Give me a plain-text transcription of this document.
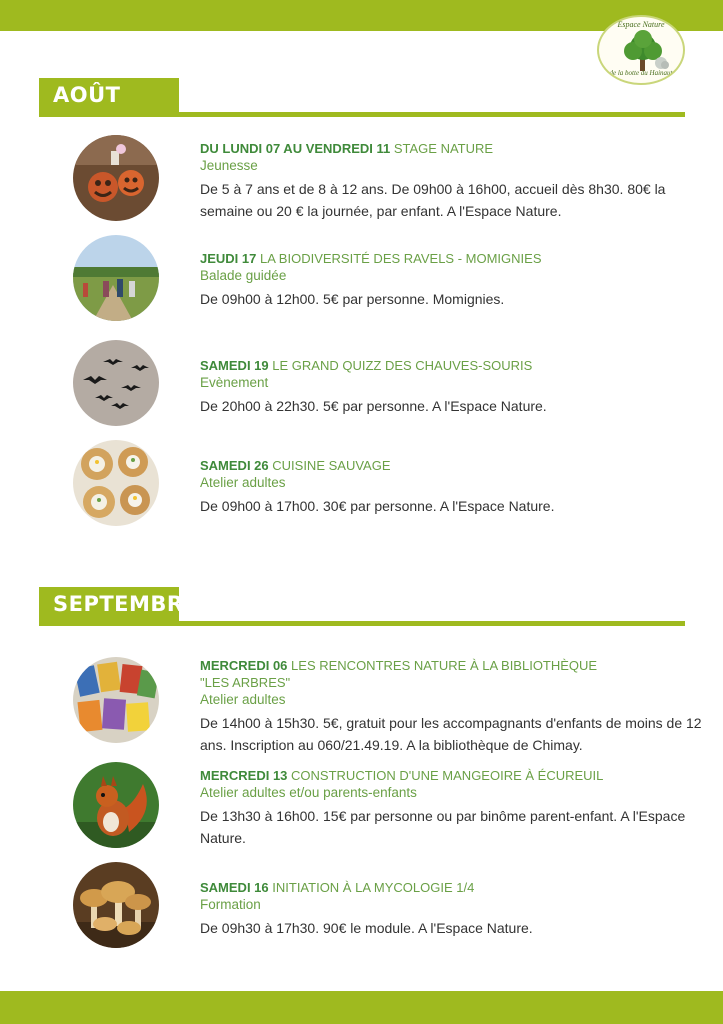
Espace Nature
de la botte du Hainaut
AOÛT
DU LUNDI 07 AU VENDREDI 11 STAGE NATURE
Jeunesse
De 5 à 7 ans et de 8 à 12 ans. De 09h00 à 16h00, accueil dès 8h30. 80€ la semaine ou 20 € la journée, par enfant. A l'Espace Nature.
JEUDI 17 LA BIODIVERSITÉ DES RAVELS - MOMIGNIES
Balade guidée
De 09h00 à 12h00. 5€ par personne. Momignies.
SAMEDI 19 LE GRAND QUIZZ DES CHAUVES-SOURIS
Evènement
De 20h00 à 22h30. 5€ par personne. A l'Espace Nature.
SAMEDI 26 CUISINE SAUVAGE
Atelier adultes
De 09h00 à 17h00. 30€ par personne. A l'Espace Nature.
SEPTEMBRE
MERCREDI 06 LES RENCONTRES NATURE À LA BIBLIOTHÈQUE
"LES ARBRES"
Atelier adultes
De 14h00 à 15h30. 5€, gratuit pour les accompagnants d'enfants de moins de 12 ans. Inscription au 060/21.49.19. A la bibliothèque de Chimay.
MERCREDI 13 CONSTRUCTION D'UNE MANGEOIRE À ÉCUREUIL
Atelier adultes et/ou parents-enfants
De 13h30 à 16h00. 15€ par personne ou par binôme parent-enfant. A l'Espace Nature.
SAMEDI 16 INITIATION À LA MYCOLOGIE 1/4
Formation
De 09h30 à 17h30. 90€ le module. A l'Espace Nature.
